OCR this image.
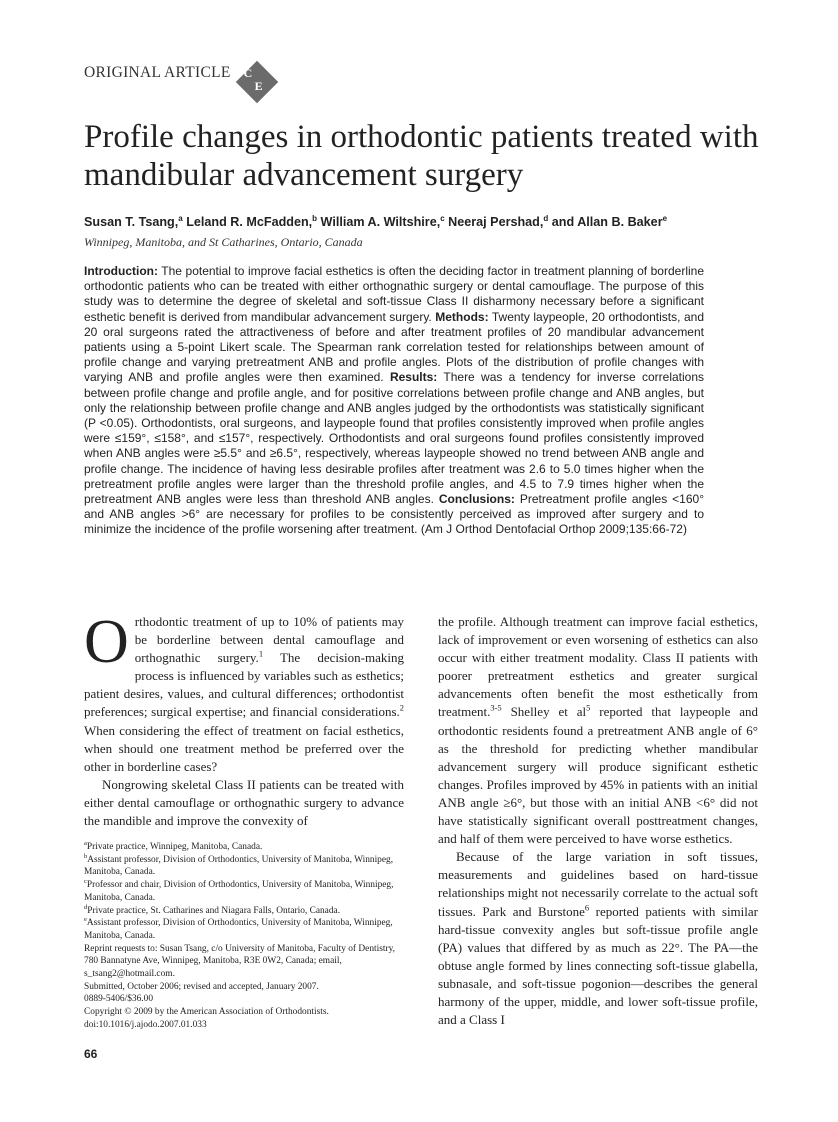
ORIGINAL ARTICLE C
E
Profile changes in orthodontic patients treated with mandibular advancement surgery
Susan T. Tsang,$^a$ Leland R. McFadden,$^b$ William A. Wiltshire,$^c$ Neeraj Pershad,$^d$ and Allan B. Baker$^e$
Winnipeg, Manitoba, and St Catharines, Ontario, Canada
Introduction: The potential to improve facial esthetics is often the deciding factor in treatment planning of borderline orthodontic patients who can be treated with either orthognathic surgery or dental camouflage. The purpose of this study was to determine the degree of skeletal and soft-tissue Class II disharmony necessary before a significant esthetic benefit is derived from mandibular advancement surgery. Methods: Twenty laypeople, 20 orthodontists, and 20 oral surgeons rated the attractiveness of before and after treatment profiles of 20 mandibular advancement patients using a 5-point Likert scale. The Spearman rank correlation tested for relationships between amount of profile change and varying pretreatment ANB and profile angles. Plots of the distribution of profile changes with varying ANB and profile angles were then examined. Results: There was a tendency for inverse correlations between profile change and profile angle, and for positive correlations between profile change and ANB angles, but only the relationship between profile change and ANB angles judged by the orthodontists was statistically significant (P <0.05). Orthodontists, oral surgeons, and laypeople found that profiles consistently improved when profile angles were ≤159°, ≤158°, and ≤157°, respectively. Orthodontists and oral surgeons found profiles consistently improved when ANB angles were ≥5.5° and ≥6.5°, respectively, whereas laypeople showed no trend between ANB angle and profile change. The incidence of having less desirable profiles after treatment was 2.6 to 5.0 times higher when the pretreatment profile angles were larger than the threshold profile angles, and 4.5 to 7.9 times higher when the pretreatment ANB angles were less than threshold ANB angles. Conclusions: Pretreatment profile angles <160° and ANB angles >6° are necessary for profiles to be consistently perceived as improved after surgery and to minimize the incidence of the profile worsening after treatment. (Am J Orthod Dentofacial Orthop 2009;135:66-72)

Orthodontic treatment of up to 10% of patients may be borderline between dental camouflage and orthognathic surgery.$^1$ The decision-making process is influenced by variables such as esthetics; patient desires, values, and cultural differences; orthodontist preferences; surgical expertise; and financial considerations.$^2$ When considering the effect of treatment on facial esthetics, when should one treatment method be preferred over the other in borderline cases?

Nongrowing skeletal Class II patients can be treated with either dental camouflage or orthognathic surgery to advance the mandible and improve the convexity of

the profile. Although treatment can improve facial esthetics, lack of improvement or even worsening of esthetics can also occur with either treatment modality. Class II patients with poorer pretreatment esthetics and greater surgical advancements often benefit the most esthetically from treatment.$^{3-5}$ Shelley et $al^5$ reported that laypeople and orthodontic residents found a pretreatment ANB angle of 6° as the threshold for predicting whether mandibular advancement surgery will produce significant esthetic changes. Profiles improved by 45% in patients with an initial ANB angle ≥6°, but those with an initial ANB <6° did not have statistically significant overall posttreatment changes, and half of them were perceived to have worse esthetics.

Because of the large variation in soft tissues, measurements and guidelines based on hard-tissue relationships might not necessarily correlate to the actual soft tissues. Park and Burstone$^6$ reported patients with similar hard-tissue convexity angles but soft-tissue profile angle (PA) values that differed by as much as 22°. The PA—the obtuse angle formed by lines connecting soft-tissue glabella, subnasale, and soft-tissue pogonion—describes the general harmony of the upper, middle, and lower soft-tissue profile, and a Class I

$^a$Private practice, Winnipeg, Manitoba, Canada.
$^b$Assistant professor, Division of Orthodontics, University of Manitoba, Winnipeg, Manitoba, Canada.
$^c$Professor and chair, Division of Orthodontics, University of Manitoba, Winnipeg, Manitoba, Canada.
$^d$Private practice, St. Catharines and Niagara Falls, Ontario, Canada.
$^e$Assistant professor, Division of Orthodontics, University of Manitoba, Winnipeg, Manitoba, Canada.
Reprint requests to: Susan Tsang, c/o University of Manitoba, Faculty of Dentistry, 780 Bannatyne Ave, Winnipeg, Manitoba, R3E 0W2, Canada; email, s_tsang2@hotmail.com.
Submitted, October 2006; revised and accepted, January 2007.
0889-5406/$36.00
Copyright © 2009 by the American Association of Orthodontists.
doi:10.1016/j.ajodo.2007.01.033
66
